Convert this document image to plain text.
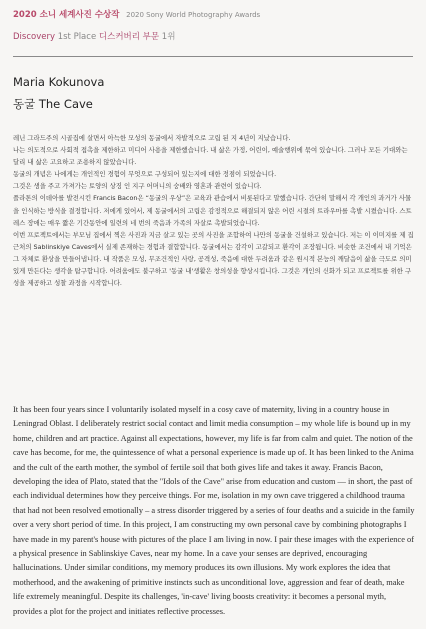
2020 소니 세계사진 수상작 2020 Sony World Photography Awards
Discovery 1st Place 디스커버리 부문 1위
Maria Kokunova
동굴 The Cave

레닌 그라드주의 시골집에 살면서 아늑한 모성의 동굴에서 자발적으로 고립 된 지 4년이 지났습니다.

나는 의도적으로 사회적 접촉을 제한하고 미디어 사용을 제한했습니다. 내 삶은 가정, 어린이, 예술행위에 묶여 있습니다. 그러나 모든 기대와는 달리 내 삶은 고요하고 조용하지 않았습니다.

동굴의 개념은 나에게는 개인적인 경험이 무엇으로 구성되어 있는지에 대한 정점이 되었습니다.

그것은 생을 주고 가져가는 토양의 상징 인 지구 어머니의 숭배와 영혼과 관련이 있습니다.

플라톤의 이데아를 발전시킨 Francis Bacon은 “동굴의 우상”은 교육과 관습에서 비롯된다고 말했습니다. 간단히 말해서 각 개인의 과거가 사물을 인식하는 방식을 결정합니다. 저에게 있어서, 제 동굴에서의 고립은 감정적으로 해결되지 않은 어린 시절의 트라우마를 촉발 시켰습니다. 스트레스 장애는 매우 짧은 기간동안에 일련의 네 번의 죽음과 가족의 자살로 촉발되었습니다.

이번 프로젝트에서는 부모님 집에서 찍은 사진과 지금 살고 있는 곳의 사진을 조합하여 나만의 동굴을 건설하고 있습니다. 저는 이 이미지를 제 집 근처의 Sablinskiye Caves에서 실제 존재하는 경험과 결합합니다. 동굴에서는 감각이 고갈되고 환각이 조장됩니다. 비슷한 조건에서 내 기억은 그 자체로 환상을 만들어냅니다. 내 작품은 모성, 무조건적인 사랑, 공격성, 죽음에 대한 두려움과 같은 원시적 본능의 깨달음이 삶을 극도로 의미 있게 만든다는 생각을 탐구합니다. 어려움에도 불구하고 '동굴 내'생활은 창의성을 향상시킵니다. 그것은 개인의 신화가 되고 프로젝트를 위한 구성을 제공하고 성찰 과정을 시작합니다.

It has been four years since I voluntarily isolated myself in a cosy cave of maternity, living in a country house in Leningrad Oblast. I deliberately restrict social contact and limit media consumption – my whole life is bound up in my home, children and art practice. Against all expectations, however, my life is far from calm and quiet. The notion of the cave has become, for me, the quintessence of what a personal experience is made up of. It has been linked to the Anima and the cult of the earth mother, the symbol of fertile soil that both gives life and takes it away. Francis Bacon, developing the idea of Plato, stated that the "Idols of the Cave" arise from education and custom — in short, the past of each individual determines how they perceive things. For me, isolation in my own cave triggered a childhood trauma that had not been resolved emotionally – a stress disorder triggered by a series of four deaths and a suicide in the family over a very short period of time. In this project, I am constructing my own personal cave by combining photographs I have made in my parent's house with pictures of the place I am living in now. I pair these images with the experience of a physical presence in Sablinskiye Caves, near my home. In a cave your senses are deprived, encouraging hallucinations. Under similar conditions, my memory produces its own illusions. My work explores the idea that motherhood, and the awakening of primitive instincts such as unconditional love, aggression and fear of death, make life extremely meaningful. Despite its challenges, 'in-cave' living boosts creativity: it becomes a personal myth, provides a plot for the project and initiates reflective processes.
